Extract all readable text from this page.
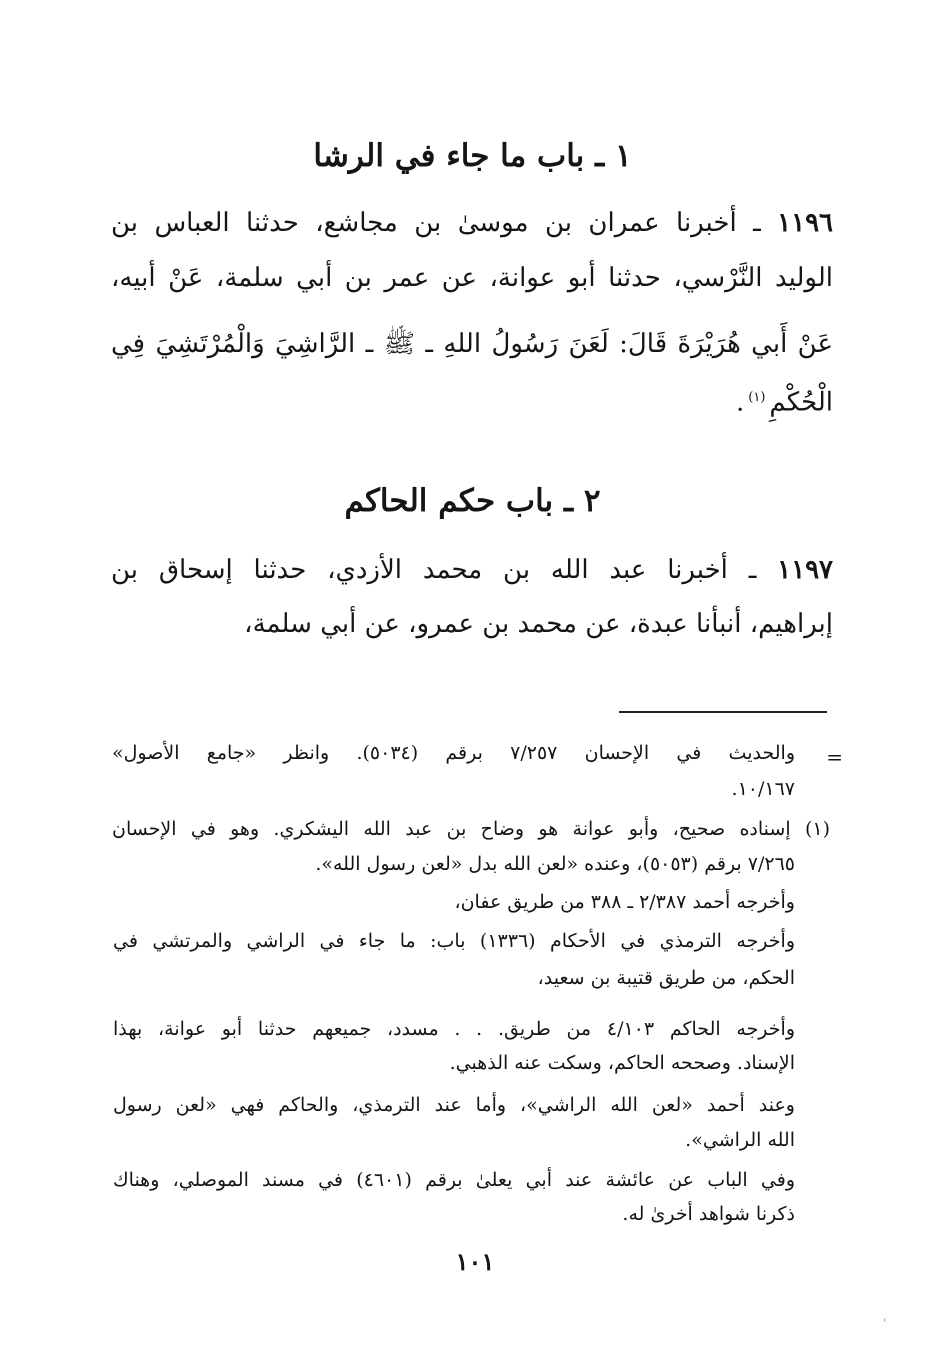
١ ـ باب ما جاء في الرشا
١١٩٦ ـ أخبرنا عمران بن موسىٰ بن مجاشع، حدثنا العباس بن
الوليد النَّرْسي، حدثنا أبو عوانة، عن عمر بن أبي سلمة، عَنْ أبيه،
عَنْ أَبي هُرَيْرَةَ قَالَ: لَعَنَ رَسُولُ اللهِ ـ ﷺ ـ الرَّاشِيَ وَالْمُرْتَشِيَ فِي
الْحُكْمِ$^{(١)}$.
٢ ـ باب حكم الحاكم
١١٩٧ ـ أخبرنا عبد الله بن محمد الأزدي، حدثنا إسحاق بن
إبراهيم، أنبأنا عبدة، عن محمد بن عمرو، عن أبي سلمة،
=
والحديث في الإحسان ٧/٢٥٧ برقم (٥٠٣٤). وانظر «جامع الأصول»
١٠/١٦٧.
(١) إسناده صحيح، وأبو عوانة هو وضاح بن عبد الله اليشكري. وهو في الإحسان
٧/٢٦٥ برقم (٥٠٥٣)، وعنده «لعن الله بدل «لعن رسول الله».
وأخرجه أحمد ٢/٣٨٧ ـ ٣٨٨ من طريق عفان،
وأخرجه الترمذي في الأحكام (١٣٣٦) باب: ما جاء في الراشي والمرتشي في
الحكم، من طريق قتيبة بن سعيد،
وأخرجه الحاكم ٤/١٠٣ من طريق. . . مسدد، جميعهم حدثنا أبو عوانة، بهذا
الإسناد. وصححه الحاكم، وسكت عنه الذهبي.
وعند أحمد «لعن الله الراشي»، وأما عند الترمذي، والحاكم فهي «لعن رسول
الله الراشي».
وفي الباب عن عائشة عند أبي يعلىٰ برقم (٤٦٠١) في مسند الموصلي، وهناك
ذكرنا شواهد أخرىٰ له.
١٠١
